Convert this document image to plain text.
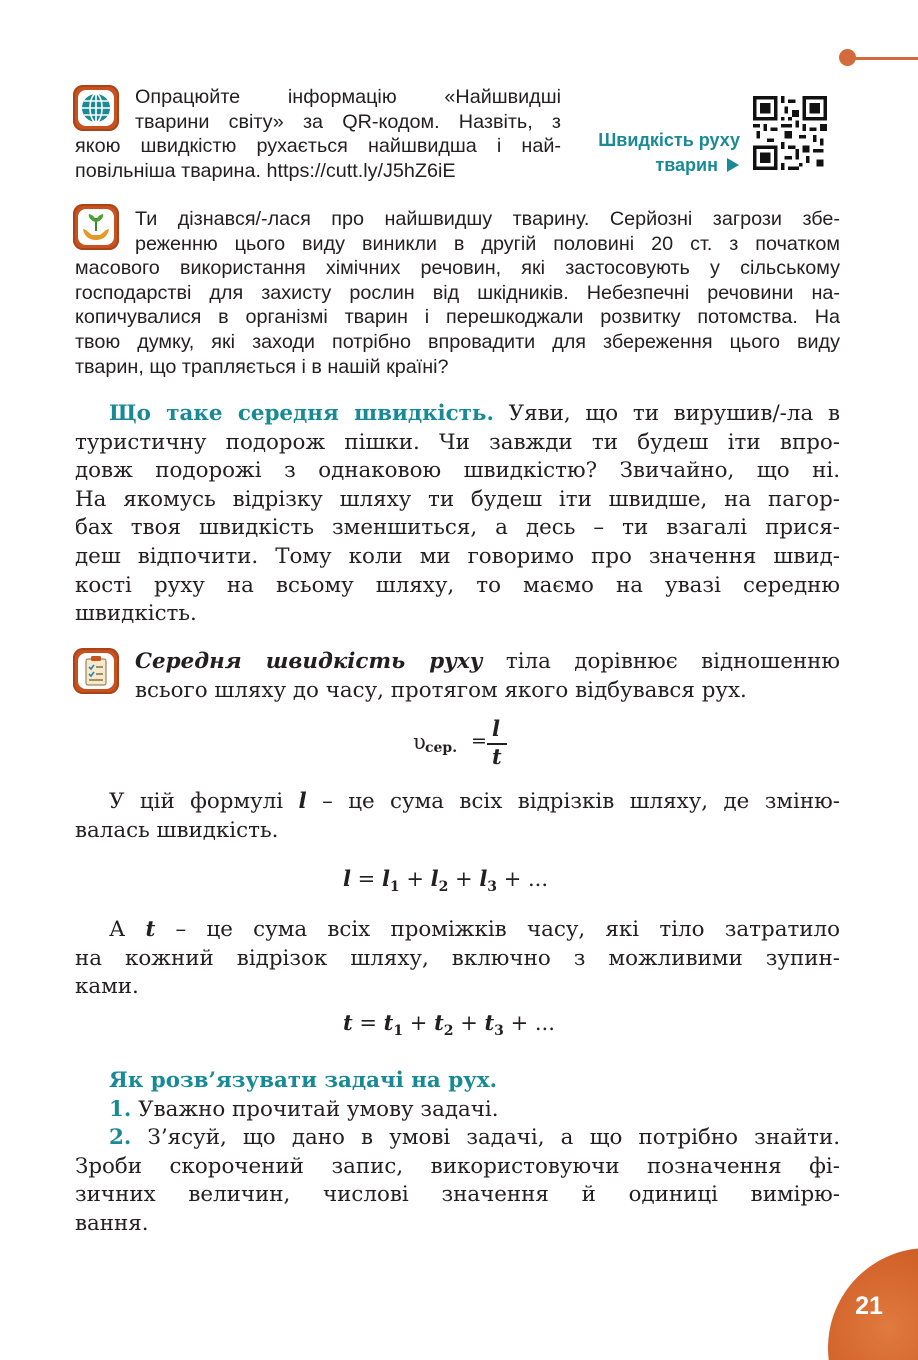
Опрацюйте   інформацію   «Найшвидші
тварини світу» за QR-кодом. Назвіть, з
якою швидкістю рухається найшвидша і най-
повільніша тварина. https://cutt.ly/J5hZ6iE
Швидкість руху
тварин
Ти дізнався/-лася про найшвидшу тварину. Серйозні загрози збе-
реженню цього виду виникли в другій половині 20 ст. з початком
масового використання хімічних речовин, які застосовують у сільському
господарстві для захисту рослин від шкідників. Небезпечні речовини на-
копичувалися в організмі тварин і перешкоджали розвитку потомства. На
твою думку, які заходи потрібно впровадити для збереження цього виду
тварин, що трапляється і в нашій країні?
Що таке середня швидкість. Уяви, що ти вирушив/-ла в
туристичну подорож пішки. Чи завжди ти будеш іти впро-
довж подорожі з однаковою швидкістю? Звичайно, що ні.
На якомусь відрізку шляху ти будеш іти швидше, на пагор-
бах твоя швидкість зменшиться, а десь – ти взагалі прися-
деш відпочити. Тому коли ми говоримо про значення швид-
кості руху на всьому шляху, то маємо на увазі середню
швидкість.
Середня швидкість руху тіла дорівнює відношенню
всього шляху до часу, протягом якого відбувався рух.
υ сер. = l
t
У цій формулі l – це сума всіх відрізків шляху, де зміню-
валась швидкість.
$l = l_1 + l_2 + l_3$ + ...
А t – це сума всіх проміжків часу, які тіло затратило
на кожний відрізок шляху, включно з можливими зупин-
ками.
$t = t_1 + t_2 + t_3$ + ...
Як розв’язувати задачі на рух.
1. Уважно прочитай умову задачі.
2. З’ясуй, що дано в умові задачі, а що потрібно знайти.
Зроби скорочений запис, використовуючи позначення фі-
зичних величин, числові значення й одиниці вимірю-
вання.
21
